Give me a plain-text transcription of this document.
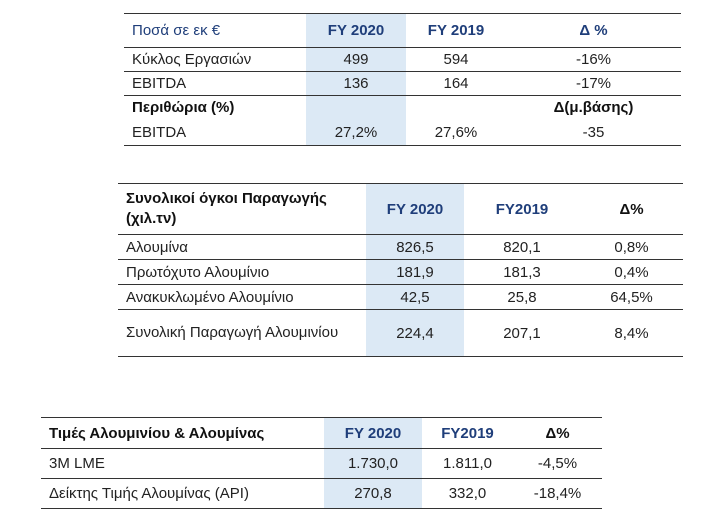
Ποσά σε εκ €	FY 2020	FY 2019	Δ %
Κύκλος Εργασιών	499	594	-16%
EBITDA	136	164	-17%
Περιθώρια (%)			Δ(μ.βάσης)
EBITDA	27,2%	27,6%	-35
Συνολικοί όγκοι Παραγωγής (χιλ.τν)	FY 2020	FY2019	Δ%
Αλουμίνα	826,5	820,1	0,8%
Πρωτόχυτο Αλουμίνιο	181,9	181,3	0,4%
Ανακυκλωμένο Αλουμίνιο	42,5	25,8	64,5%
Συνολική Παραγωγή Αλουμινίου	224,4	207,1	8,4%
Τιμές Αλουμινίου & Αλουμίνας	FY 2020	FY2019	Δ%
3M LME	1.730,0	1.811,0	-4,5%
Δείκτης Τιμής Αλουμίνας (API)	270,8	332,0	-18,4%
